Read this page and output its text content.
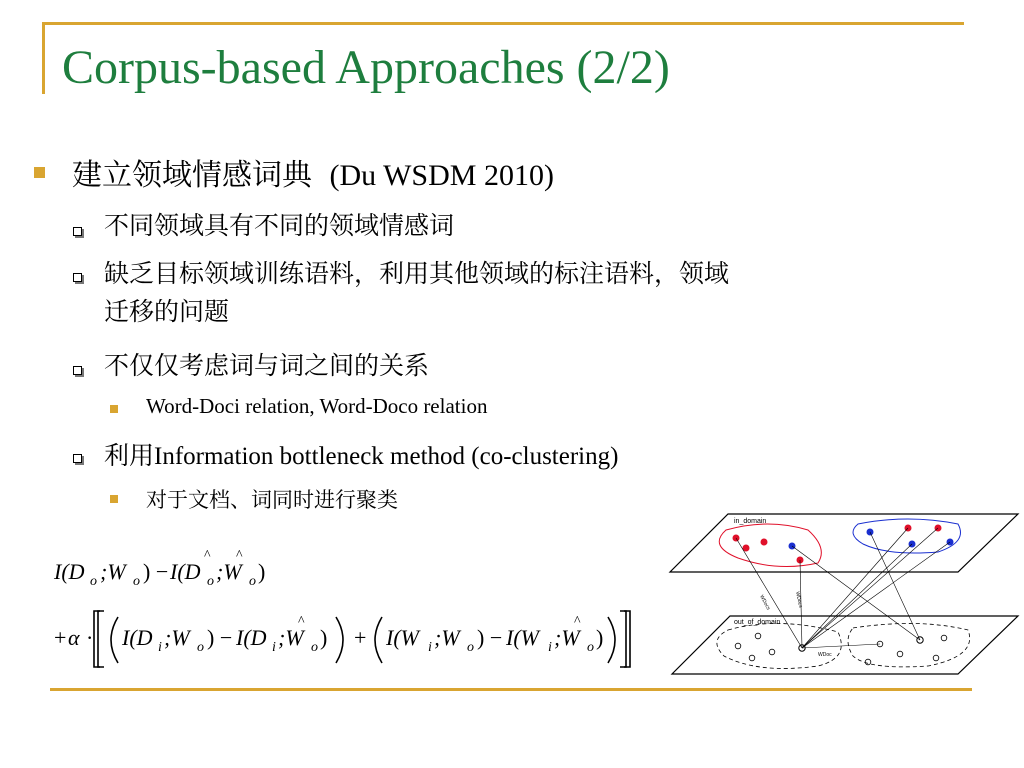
Corpus-based Approaches (2/2)
建立领域情感词典 (Du WSDM 2010)
不同领域具有不同的领域情感词
缺乏目标领域训练语料，利用其他领域的标注语料，领域
迁移的问题
不仅仅考虑词与词之间的关系
Word-Doci relation, Word-Doco relation
利用Information bottleneck method (co-clustering)
对于文档、词同时进行聚类
I(D o ;W o ) − I(D o
^
;W o
^
)
+ α · I(D i ;W o ) − I(D i ;W o
^
) + I(W i ;W o ) − I(W i ;W o
^
)
in_domain
out_of_domain
WDocs	WDocs
WDoc
